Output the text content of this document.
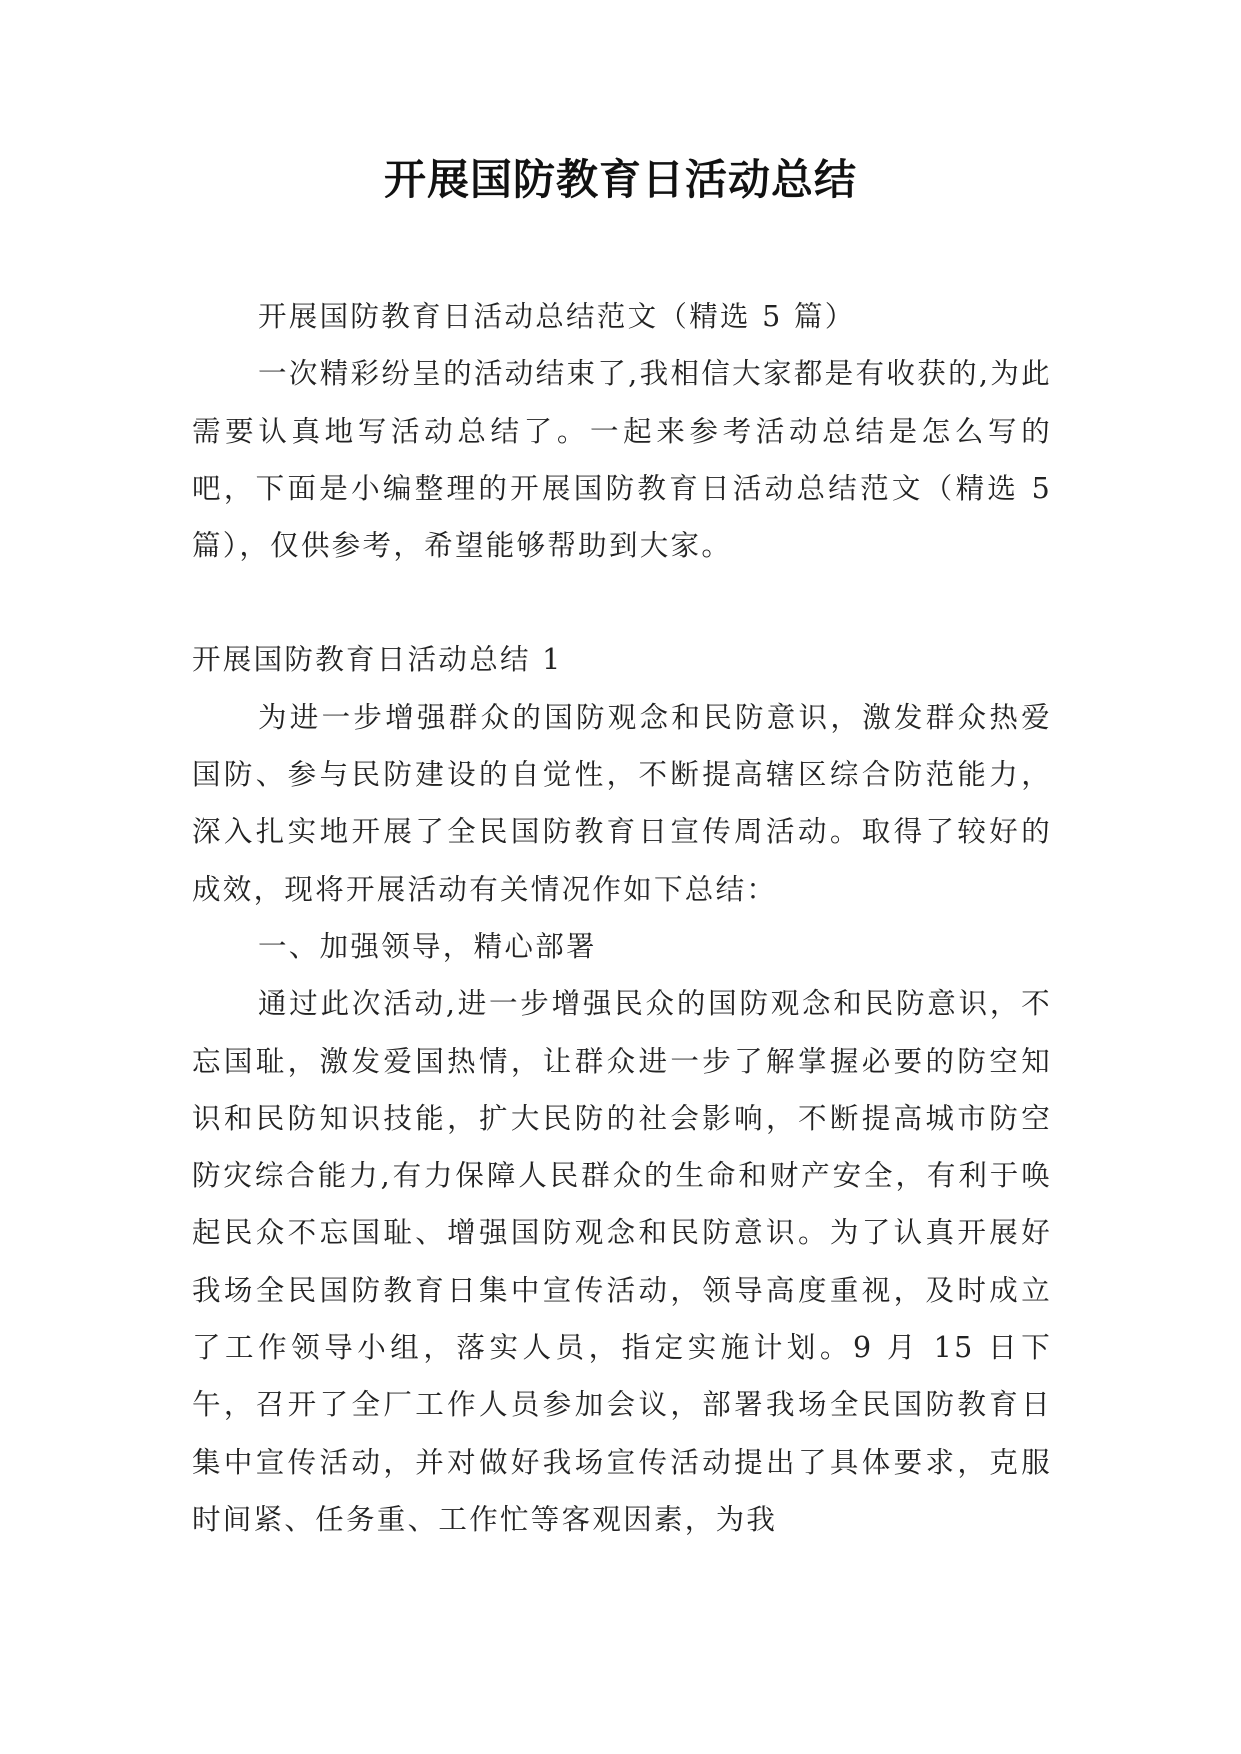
开展国防教育日活动总结

开展国防教育日活动总结范文（精选 5 篇）

一次精彩纷呈的活动结束了,我相信大家都是有收获的,为此需要认真地写活动总结了。一起来参考活动总结是怎么写的吧，下面是小编整理的开展国防教育日活动总结范文（精选 5 篇），仅供参考，希望能够帮助到大家。

开展国防教育日活动总结 1

为进一步增强群众的国防观念和民防意识，激发群众热爱国防、参与民防建设的自觉性，不断提高辖区综合防范能力，深入扎实地开展了全民国防教育日宣传周活动。取得了较好的成效，现将开展活动有关情况作如下总结：

一、加强领导，精心部署

通过此次活动,进一步增强民众的国防观念和民防意识，不忘国耻，激发爱国热情，让群众进一步了解掌握必要的防空知识和民防知识技能，扩大民防的社会影响，不断提高城市防空防灾综合能力,有力保障人民群众的生命和财产安全，有利于唤起民众不忘国耻、增强国防观念和民防意识。为了认真开展好我场全民国防教育日集中宣传活动，领导高度重视，及时成立了工作领导小组，落实人员，指定实施计划。9 月 15 日下午，召开了全厂工作人员参加会议，部署我场全民国防教育日集中宣传活动，并对做好我场宣传活动提出了具体要求，克服时间紧、任务重、工作忙等客观因素，为我
